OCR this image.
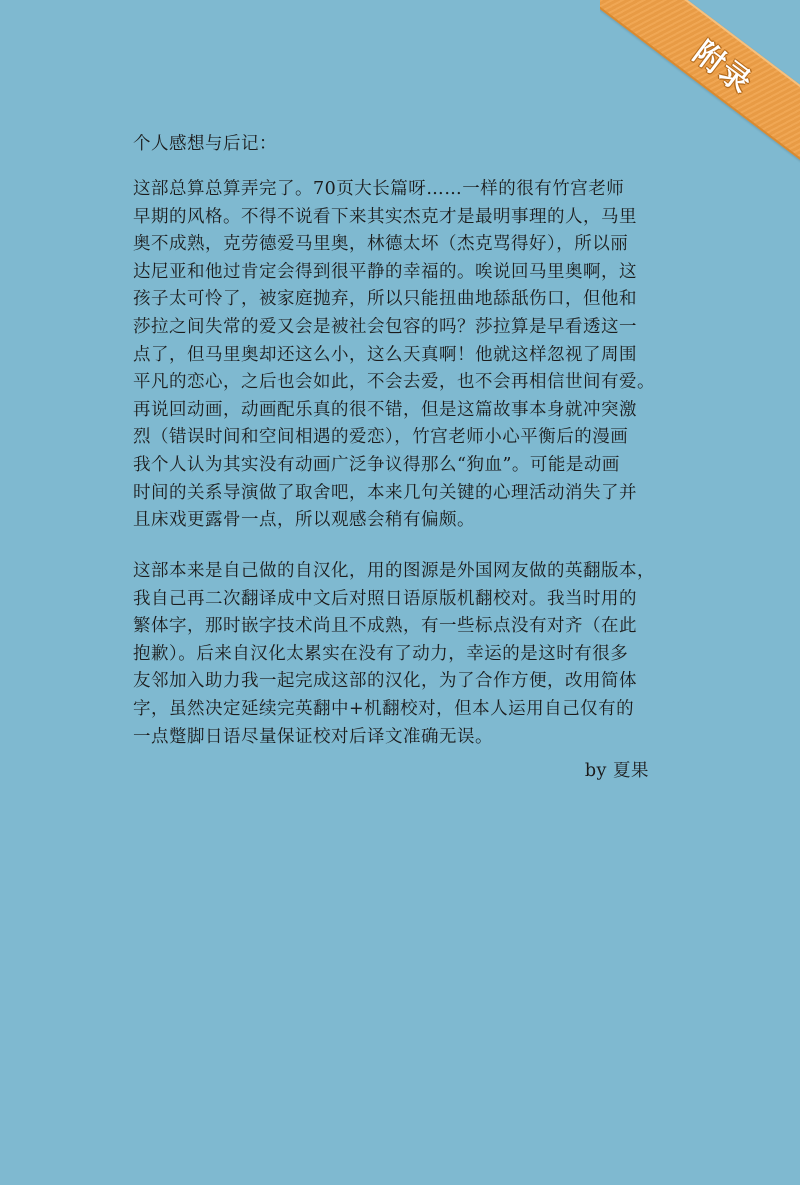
附录
个人感想与后记：
这部总算总算弄完了。70页大长篇呀……一样的很有竹宫老师
早期的风格。不得不说看下来其实杰克才是最明事理的人，马里
奥不成熟，克劳德爱马里奥，林德太坏（杰克骂得好），所以丽
达尼亚和他过肯定会得到很平静的幸福的。唉说回马里奥啊，这
孩子太可怜了，被家庭抛弃，所以只能扭曲地舔舐伤口，但他和
莎拉之间失常的爱又会是被社会包容的吗？莎拉算是早看透这一
点了，但马里奥却还这么小，这么天真啊！他就这样忽视了周围
平凡的恋心，之后也会如此，不会去爱，也不会再相信世间有爱。
再说回动画，动画配乐真的很不错，但是这篇故事本身就冲突激
烈（错误时间和空间相遇的爱恋），竹宫老师小心平衡后的漫画
我个人认为其实没有动画广泛争议得那么“狗血”。可能是动画
时间的关系导演做了取舍吧，本来几句关键的心理活动消失了并
且床戏更露骨一点，所以观感会稍有偏颇。
这部本来是自己做的自汉化，用的图源是外国网友做的英翻版本，
我自己再二次翻译成中文后对照日语原版机翻校对。我当时用的
繁体字，那时嵌字技术尚且不成熟，有一些标点没有对齐（在此
抱歉）。后来自汉化太累实在没有了动力，幸运的是这时有很多
友邻加入助力我一起完成这部的汉化，为了合作方便，改用简体
字，虽然决定延续完英翻中+机翻校对，但本人运用自己仅有的
一点蹩脚日语尽量保证校对后译文准确无误。
by 夏果
